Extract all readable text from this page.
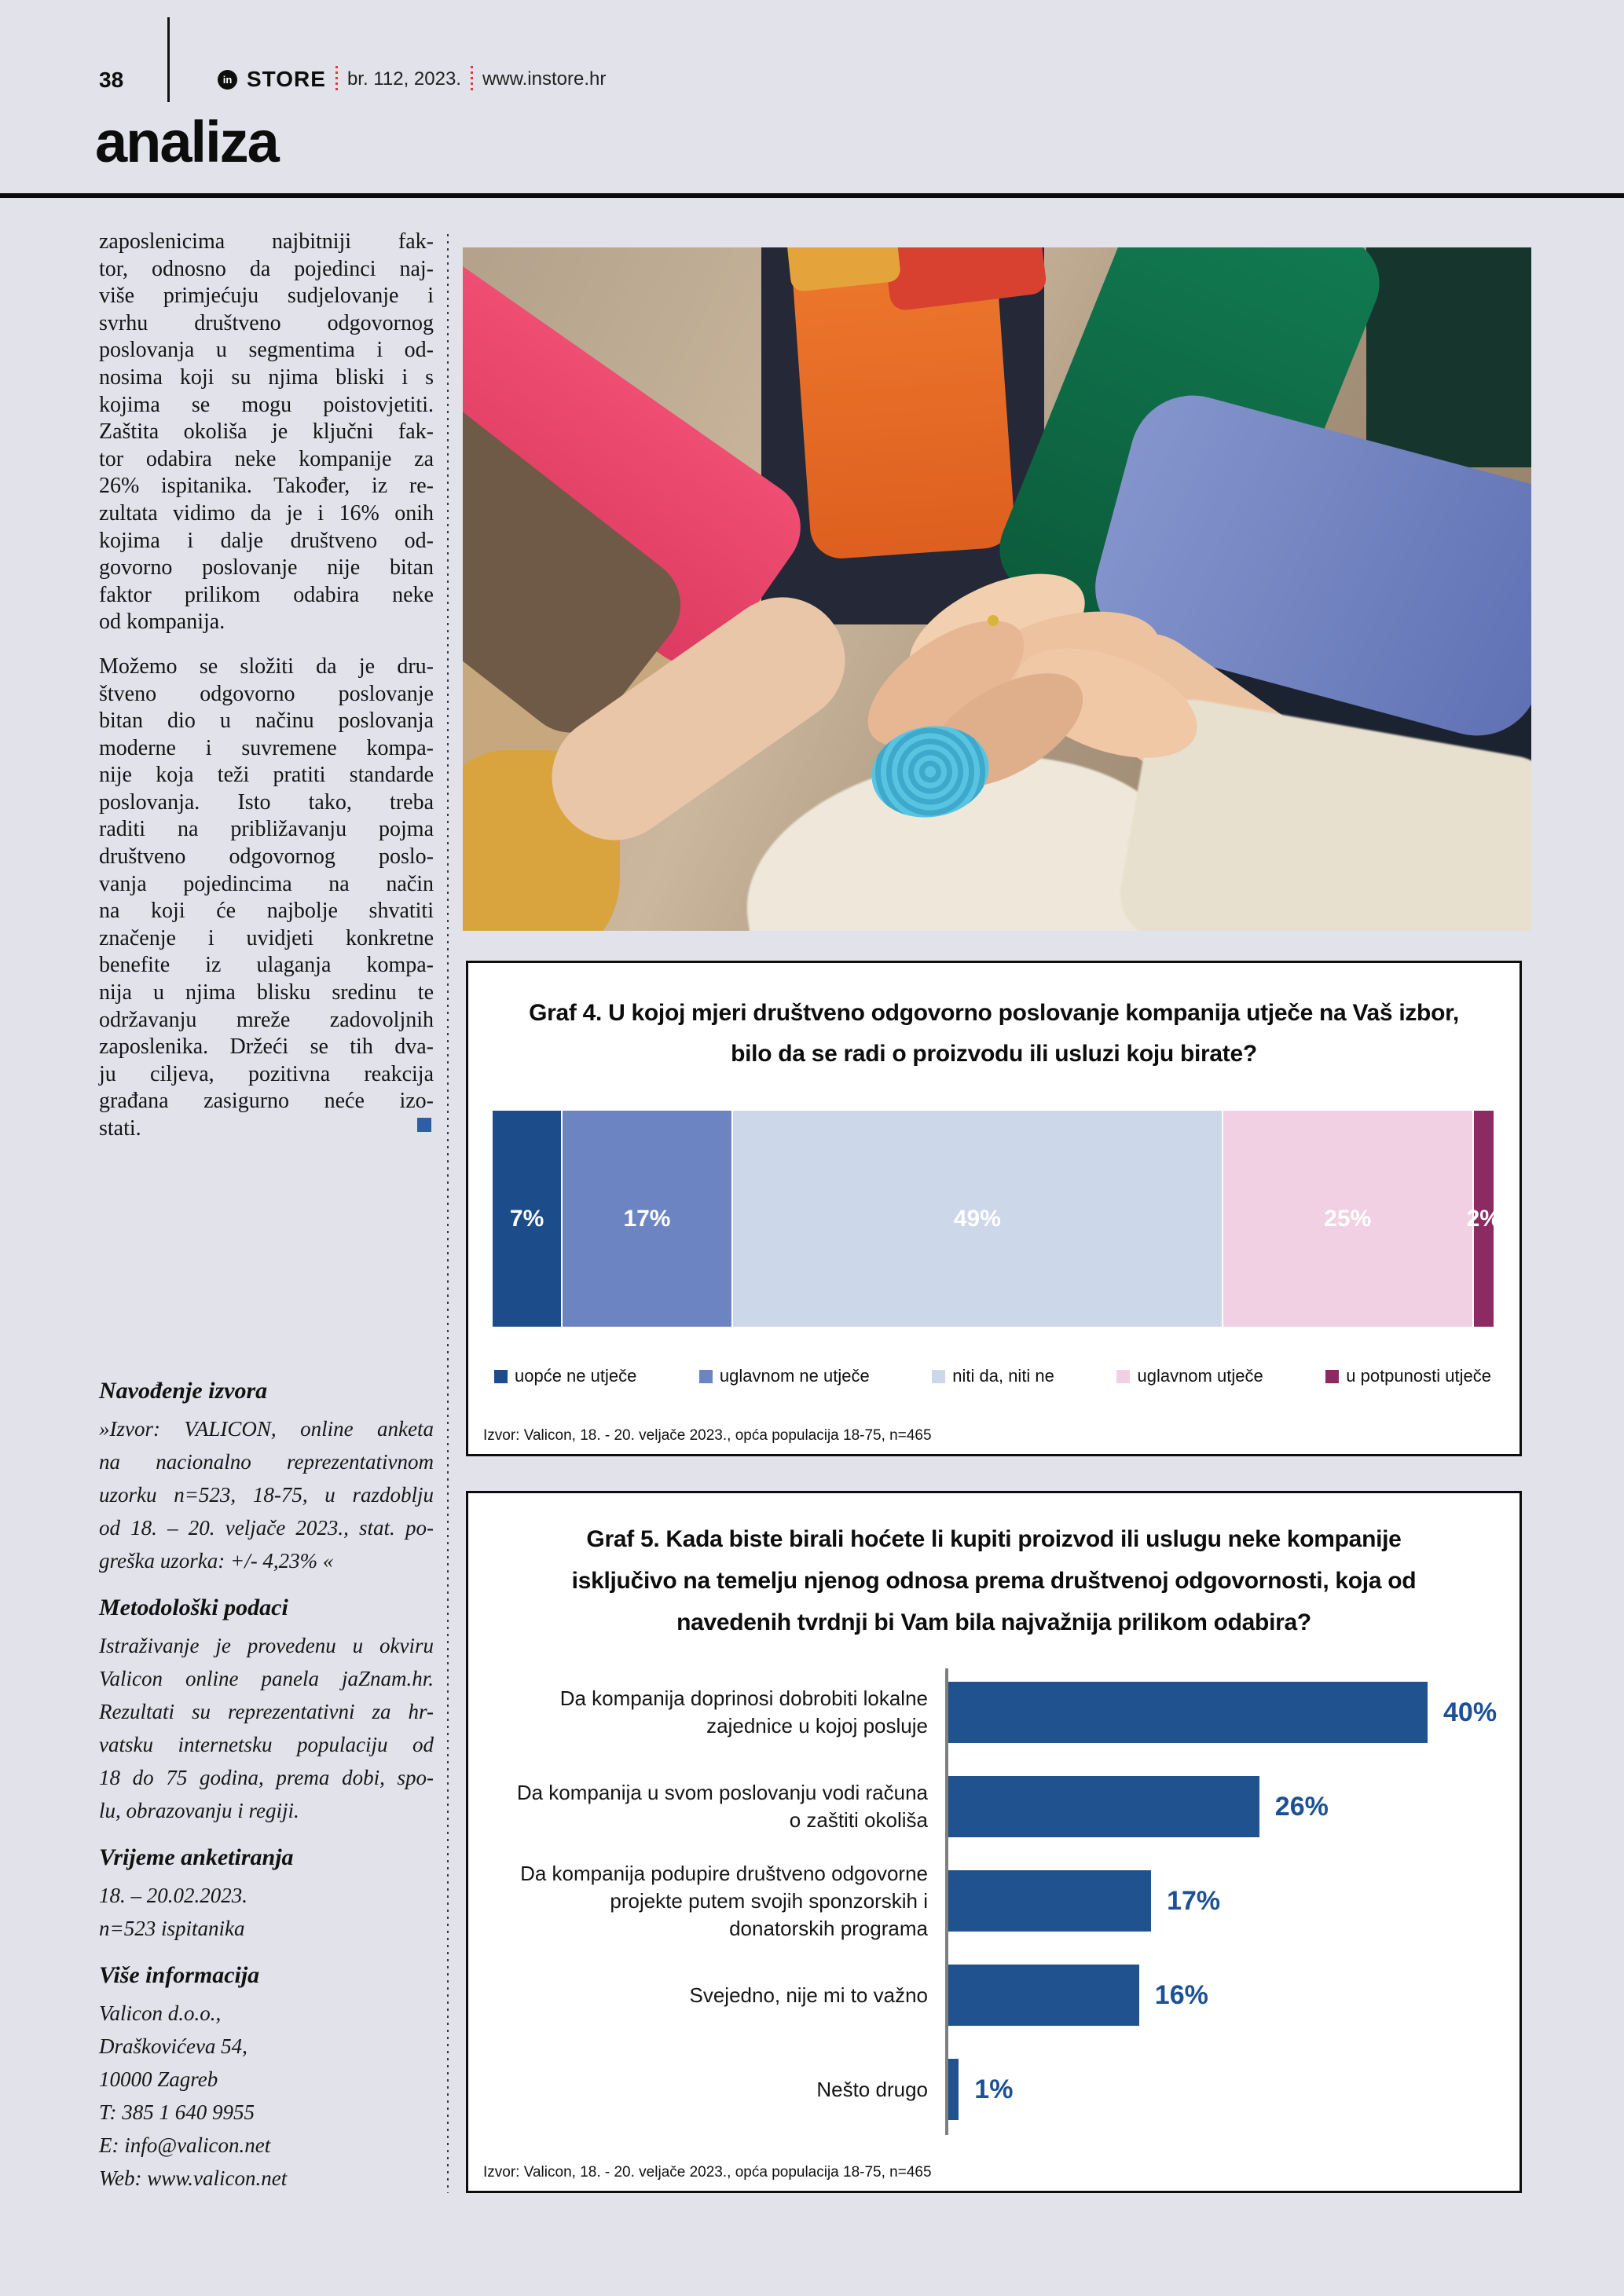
38	in STORE br. 112, 2023. www.instore.hr
analiza
zaposlenicima najbitniji fak-
tor, odnosno da pojedinci naj-
više primjećuju sudjelovanje i
svrhu društveno odgovornog
poslovanja u segmentima i od-
nosima koji su njima bliski i s
kojima se mogu poistovjetiti.
Zaštita okoliša je ključni fak-
tor odabira neke kompanije za
26% ispitanika. Također, iz re-
zultata vidimo da je i 16% onih
kojima i dalje društveno od-
govorno poslovanje nije bitan
faktor prilikom odabira neke
od kompanija.
Možemo se složiti da je dru-
štveno odgovorno poslovanje
bitan dio u načinu poslovanja
moderne i suvremene kompa-
nije koja teži pratiti standarde
poslovanja. Isto tako, treba
raditi na približavanju pojma
društveno odgovornog poslo-
vanja pojedincima na način
na koji će najbolje shvatiti
značenje i uvidjeti konkretne
benefite iz ulaganja kompa-
nija u njima blisku sredinu te
održavanju mreže zadovoljnih
zaposlenika. Držeći se tih dva-
ju ciljeva, pozitivna reakcija
građana zasigurno neće izo-
stati.
Navođenje izvora
»Izvor: VALICON, online anketa
na nacionalno reprezentativnom
uzorku n=523, 18-75, u razdoblju
od 18. – 20. veljače 2023., stat. po-
greška uzorka: +/- 4,23% «
Metodološki podaci
Istraživanje je provedenu u okviru
Valicon online panela jaZnam.hr.
Rezultati su reprezentativni za hr-
vatsku internetsku populaciju od
18 do 75 godina, prema dobi, spo-
lu, obrazovanju i regiji.
Vrijeme anketiranja
18. – 20.02.2023.
n=523 ispitanika
Više informacija
Valicon d.o.o.,
Draškovićeva 54,
10000 Zagreb
T: 385 1 640 9955
E: info@valicon.net
Web: www.valicon.net
Graf 4. U kojoj mjeri društveno odgovorno poslovanje kompanija utječe na Vaš izbor,
bilo da se radi o proizvodu ili usluzi koju birate?
7%	17%	49%	25%	2%
uopće ne utječe	uglavnom ne utječe	niti da, niti ne	uglavnom utječe	u potpunosti utječe
Izvor: Valicon, 18. - 20. veljače 2023., opća populacija 18-75, n=465
Graf 5. Kada biste birali hoćete li kupiti proizvod ili uslugu neke kompanije
isključivo na temelju njenog odnosa prema društvenoj odgovornosti, koja od
navedenih tvrdnji bi Vam bila najvažnija prilikom odabira?
Da kompanija doprinosi dobrobiti lokalne
zajednice u kojoj posluje	40%
Da kompanija u svom poslovanju vodi računa
o zaštiti okoliša	26%
Da kompanija podupire društveno odgovorne
projekte putem svojih sponzorskih i
donatorskih programa
17%
Svejedno, nije mi to važno	16%
Nešto drugo 1%
Izvor: Valicon, 18. - 20. veljače 2023., opća populacija 18-75, n=465
